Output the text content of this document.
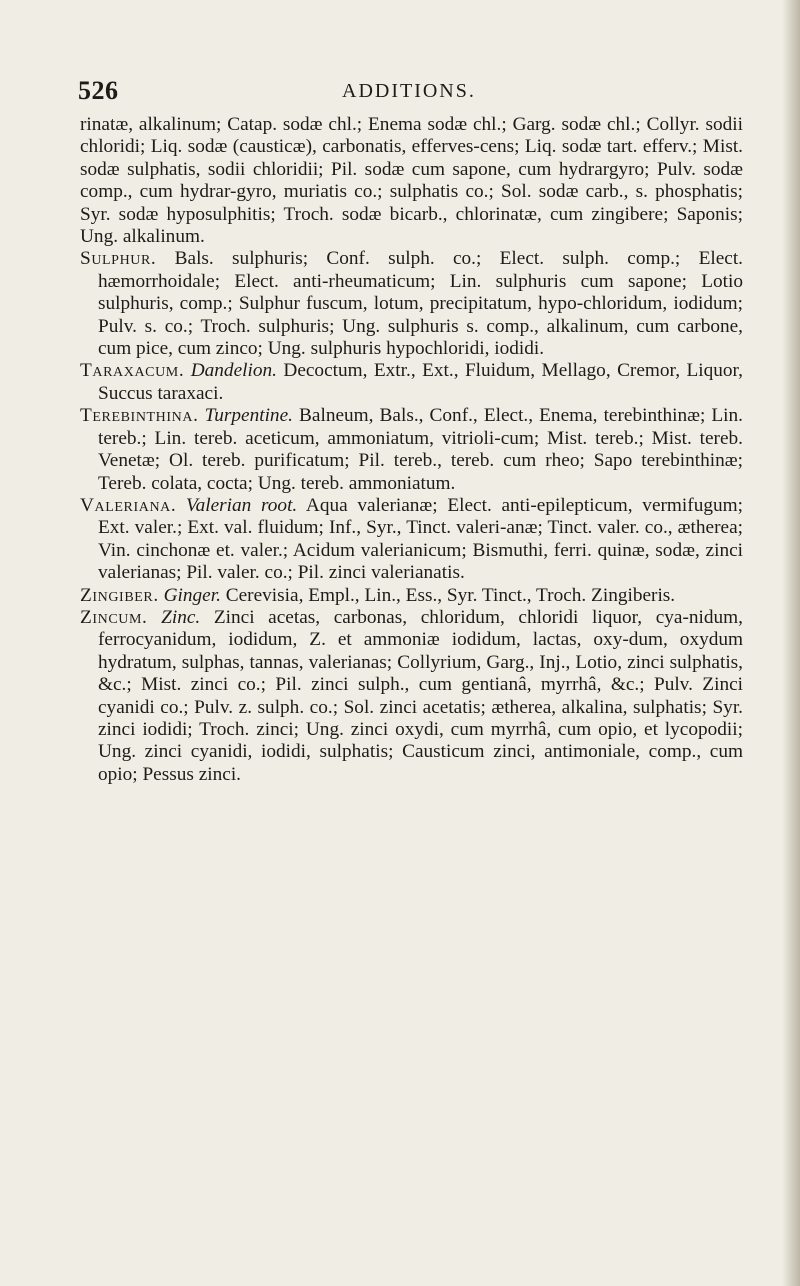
526	ADDITIONS.

rinatæ, alkalinum; Catap. sodæ chl.; Enema sodæ chl.; Garg. sodæ chl.; Collyr. sodii chloridi; Liq. sodæ (causticæ), carbonatis, efferves-cens; Liq. sodæ tart. efferv.; Mist. sodæ sulphatis, sodii chloridii; Pil. sodæ cum sapone, cum hydrargyro; Pulv. sodæ comp., cum hydrar-gyro, muriatis co.; sulphatis co.; Sol. sodæ carb., s. phosphatis; Syr. sodæ hyposulphitis; Troch. sodæ bicarb., chlorinatæ, cum zingibere; Saponis; Ung. alkalinum.

Sulphur. Bals. sulphuris; Conf. sulph. co.; Elect. sulph. comp.; Elect. hæmorrhoidale; Elect. anti-rheumaticum; Lin. sulphuris cum sapone; Lotio sulphuris, comp.; Sulphur fuscum, lotum, precipitatum, hypo-chloridum, iodidum; Pulv. s. co.; Troch. sulphuris; Ung. sulphuris s. comp., alkalinum, cum carbone, cum pice, cum zinco; Ung. sulphuris hypochloridi, iodidi.

Taraxacum. Dandelion. Decoctum, Extr., Ext., Fluidum, Mellago, Cremor, Liquor, Succus taraxaci.

Terebinthina. Turpentine. Balneum, Bals., Conf., Elect., Enema, terebinthinæ; Lin. tereb.; Lin. tereb. aceticum, ammoniatum, vitrioli-cum; Mist. tereb.; Mist. tereb. Venetæ; Ol. tereb. purificatum; Pil. tereb., tereb. cum rheo; Sapo terebinthinæ; Tereb. colata, cocta; Ung. tereb. ammoniatum.

Valeriana. Valerian root. Aqua valerianæ; Elect. anti-epilepticum, vermifugum; Ext. valer.; Ext. val. fluidum; Inf., Syr., Tinct. valeri-anæ; Tinct. valer. co., ætherea; Vin. cinchonæ et. valer.; Acidum valerianicum; Bismuthi, ferri. quinæ, sodæ, zinci valerianas; Pil. valer. co.; Pil. zinci valerianatis.

Zingiber. Ginger. Cerevisia, Empl., Lin., Ess., Syr. Tinct., Troch. Zingiberis.

Zincum. Zinc. Zinci acetas, carbonas, chloridum, chloridi liquor, cya-nidum, ferrocyanidum, iodidum, Z. et ammoniæ iodidum, lactas, oxy-dum, oxydum hydratum, sulphas, tannas, valerianas; Collyrium, Garg., Inj., Lotio, zinci sulphatis, &c.; Mist. zinci co.; Pil. zinci sulph., cum gentianâ, myrrhâ, &c.; Pulv. Zinci cyanidi co.; Pulv. z. sulph. co.; Sol. zinci acetatis; ætherea, alkalina, sulphatis; Syr. zinci iodidi; Troch. zinci; Ung. zinci oxydi, cum myrrhâ, cum opio, et lycopodii; Ung. zinci cyanidi, iodidi, sulphatis; Causticum zinci, antimoniale, comp., cum opio; Pessus zinci.
